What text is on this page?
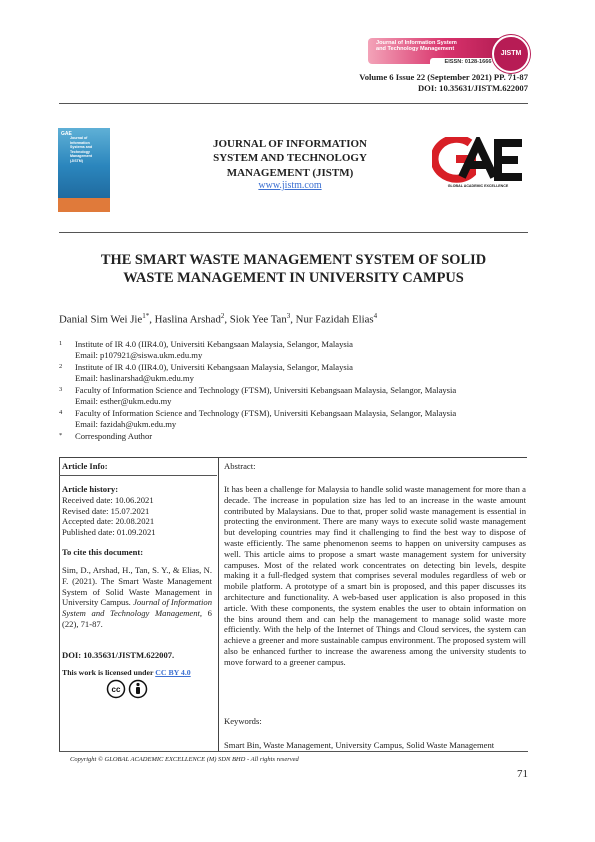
Journal of Information System
and Technology Management
EISSN: 0128-1666
JISTM
Volume 6 Issue 22 (September 2021) PP. 71-87
DOI: 10.35631/JISTM.622007
GAE
Journal of
Information
Systems and
Technology
Management
(JISTM)
JOURNAL OF INFORMATION
SYSTEM AND TECHNOLOGY
MANAGEMENT (JISTM)
www.jistm.com	GLOBAL ACADEMIC EXCELLENCE
THE SMART WASTE MANAGEMENT SYSTEM OF SOLID
WASTE MANAGEMENT IN UNIVERSITY CAMPUS
Danial Sim Wei Jie$^{1*}$, Haslina Arshad$^2$, Siok Yee Tan$^3$, Nur Fazidah Elias$^4$
1 Institute of IR 4.0 (IIR4.0), Universiti Kebangsaan Malaysia, Selangor, Malaysia
Email: p107921@siswa.ukm.edu.my
2 Institute of IR 4.0 (IIR4.0), Universiti Kebangsaan Malaysia, Selangor, Malaysia
Email: haslinarshad@ukm.edu.my
3 Faculty of Information Science and Technology (FTSM), Universiti Kebangsaan Malaysia, Selangor, Malaysia
Email: esther@ukm.edu.my
4 Faculty of Information Science and Technology (FTSM), Universiti Kebangsaan Malaysia, Selangor, Malaysia
Email: fazidah@ukm.edu.my
* Corresponding Author
Article Info:
Article history:
Received date: 10.06.2021
Revised date: 15.07.2021
Accepted date: 20.08.2021
Published date: 01.09.2021
To cite this document:
Sim, D., Arshad, H., Tan, S. Y., & Elias, N. F. (2021). The Smart Waste Management System of Solid Waste Management in University Campus. Journal of Information System and Technology Management, 6 (22), 71-87.
DOI: 10.35631/JISTM.622007.
This work is licensed under CC BY 4.0
cc
Abstract:
It has been a challenge for Malaysia to handle solid waste management for more than a decade. The increase in population size has led to an increase in the waste amount contributed by Malaysians. Due to that, proper solid waste management is essential in protecting the environment. There are many ways to execute solid waste management but developing countries may find it challenging to find the best way to dispose of waste efficiently. The same phenomenon seems to happen on university campuses as well. This article aims to propose a smart waste management system for university campuses. Most of the related work concentrates on detecting bin levels, despite making it a full-fledged system that comprises several modules regardless of web or mobile platform. A prototype of a smart bin is proposed, and this paper discusses its architecture and functionality. A web-based user application is also proposed in this article. With these components, the system enables the user to obtain information on the bins around them and can help the management to manage solid waste more efficiently. With the help of the Internet of Things and Cloud services, the system can achieve a greener and more sustainable campus environment. The proposed system will also be enhanced further to increase the awareness among the university students to move forward to a greener campus.
Keywords:
Smart Bin, Waste Management, University Campus, Solid Waste Management
Copyright © GLOBAL ACADEMIC EXCELLENCE (M) SDN BHD - All rights reserved
71
